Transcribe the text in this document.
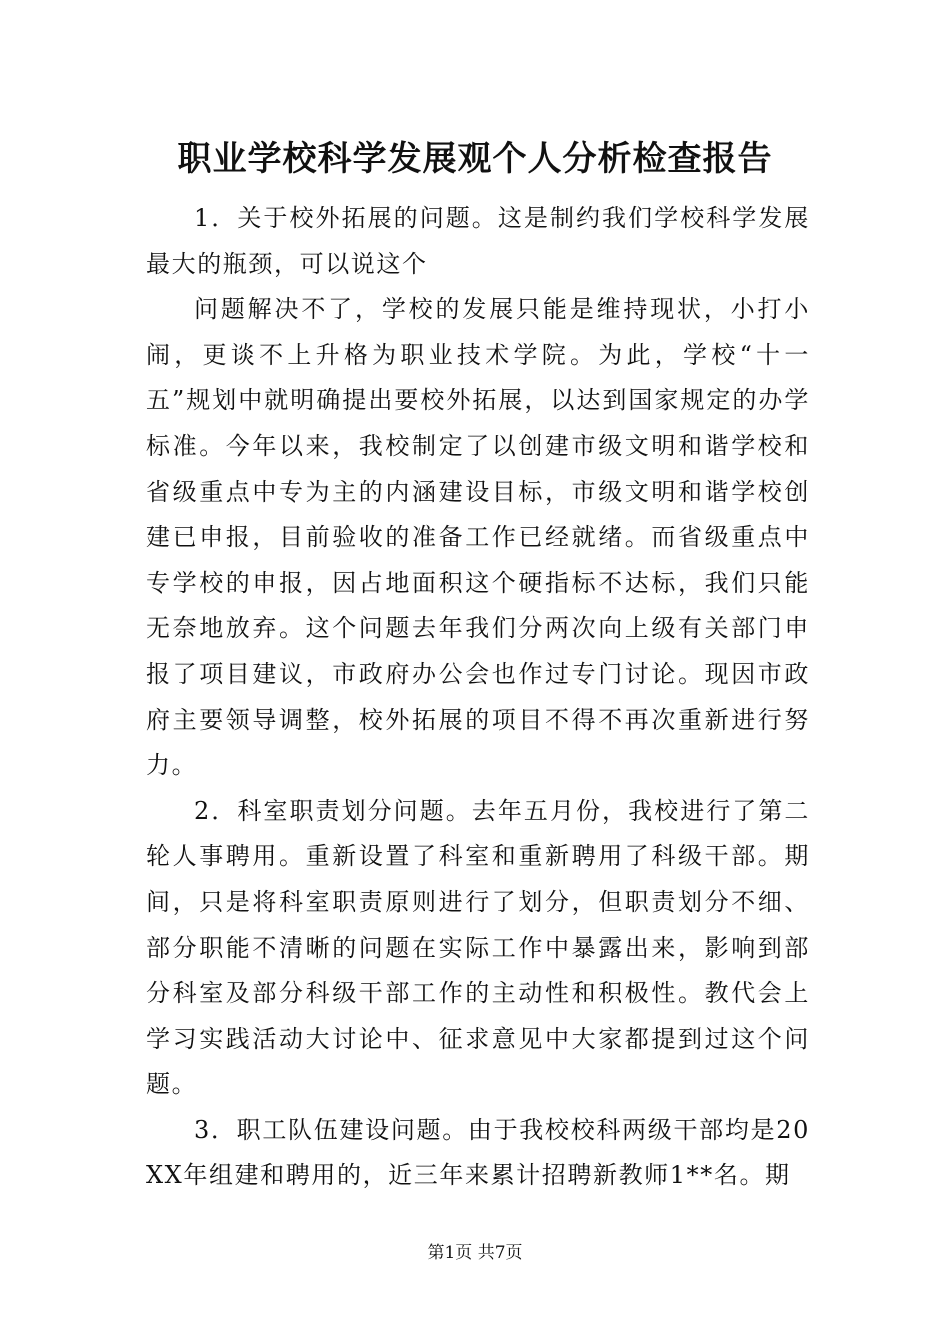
职业学校科学发展观个人分析检查报告

1．关于校外拓展的问题。这是制约我们学校科学发展最大的瓶颈，可以说这个

问题解决不了，学校的发展只能是维持现状，小打小闹，更谈不上升格为职业技术学院。为此，学校“十一五”规划中就明确提出要校外拓展，以达到国家规定的办学标准。今年以来，我校制定了以创建市级文明和谐学校和省级重点中专为主的内涵建设目标，市级文明和谐学校创建已申报，目前验收的准备工作已经就绪。而省级重点中专学校的申报，因占地面积这个硬指标不达标，我们只能无奈地放弃。这个问题去年我们分两次向上级有关部门申报了项目建议，市政府办公会也作过专门讨论。现因市政府主要领导调整，校外拓展的项目不得不再次重新进行努力。

2．科室职责划分问题。去年五月份，我校进行了第二轮人事聘用。重新设置了科室和重新聘用了科级干部。期间，只是将科室职责原则进行了划分，但职责划分不细、部分职能不清晰的问题在实际工作中暴露出来，影响到部分科室及部分科级干部工作的主动性和积极性。教代会上学习实践活动大讨论中、征求意见中大家都提到过这个问题。

3．职工队伍建设问题。由于我校校科两级干部均是20XX年组建和聘用的，近三年来累计招聘新教师1**名。期

第1页 共7页
